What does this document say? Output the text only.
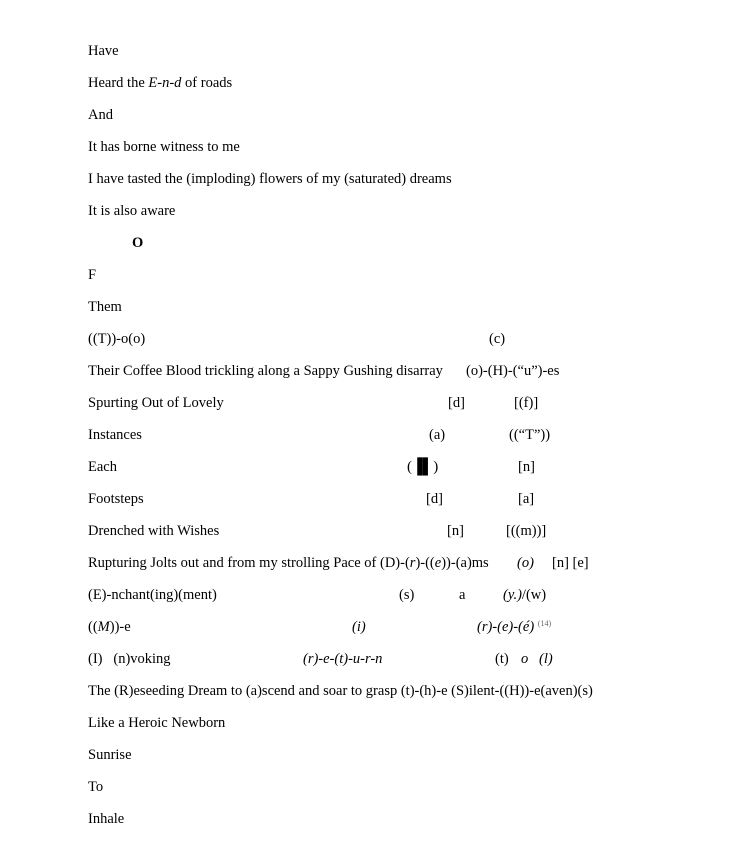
Have
Heard the E-n-d of roads
And
It has borne witness to me
I have tasted the (imploding) flowers of my (saturated) dreams
It is also aware
O
F
Them
((T))-o(o)	(c)
Their Coffee Blood trickling along a Sappy Gushing disarray (o)-(H)-(“u”)-es
Spurting Out of Lovely	[d]	[(f)]
Instances	(a)	((“T”))
Each	(▐▌)	[n]
Footsteps	[d]	[a]
Drenched with Wishes	[n]	[((m))]
Rupturing Jolts out and from my strolling Pace of (D)-(r)-((e))-(a)ms (o) [n] [e]
(E)-nchant(ing)(ment)	(s)	a	(y.)/(w)
((M))-e	(i)	(r)-(e)-(é) $^{(14)}$
(I)   (n)voking	(r)-e-(t)-u-r-n	(t) o (l)
The (R)eseeding Dream to (a)scend and soar to grasp (t)-(h)-e (S)ilent-((H))-e(aven)(s)
Like a Heroic Newborn
Sunrise
To
Inhale
